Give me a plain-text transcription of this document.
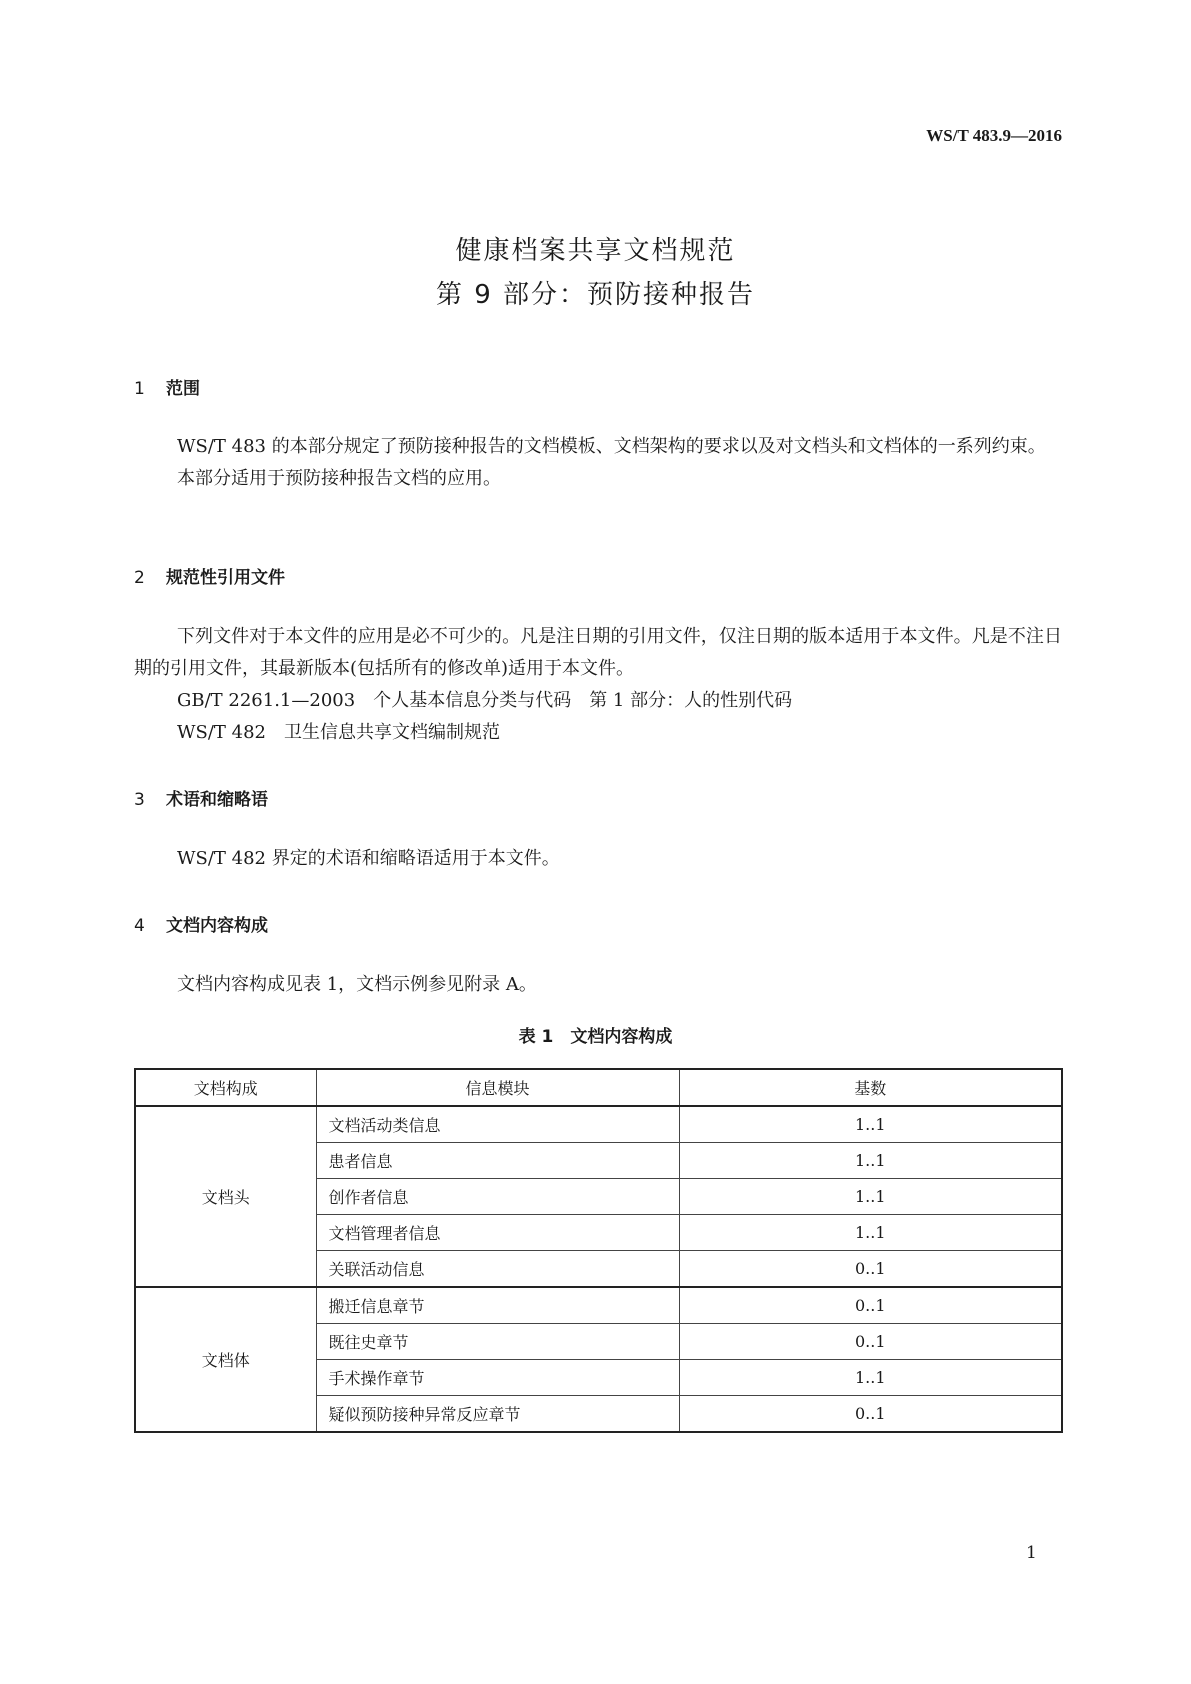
WS/T 483.9—2016
健康档案共享文档规范
第 9 部分：预防接种报告
1 范围

WS/T 483 的本部分规定了预防接种报告的文档模板、文档架构的要求以及对文档头和文档体的一系列约束。

本部分适用于预防接种报告文档的应用。

2 规范性引用文件

下列文件对于本文件的应用是必不可少的。凡是注日期的引用文件，仅注日期的版本适用于本文件。凡是不注日期的引用文件，其最新版本(包括所有的修改单)适用于本文件。

GB/T 2261.1—2003　个人基本信息分类与代码　第 1 部分：人的性别代码

WS/T 482　卫生信息共享文档编制规范

3 术语和缩略语

WS/T 482 界定的术语和缩略语适用于本文件。

4 文档内容构成

文档内容构成见表 1，文档示例参见附录 A。

表 1　文档内容构成
文档构成	信息模块	基数
文档头	文档活动类信息	1..1
	患者信息	1..1
	创作者信息	1..1
	文档管理者信息	1..1
	关联活动信息	0..1
文档体	搬迁信息章节	0..1
	既往史章节	0..1
	手术操作章节	1..1
	疑似预防接种异常反应章节	0..1
1
